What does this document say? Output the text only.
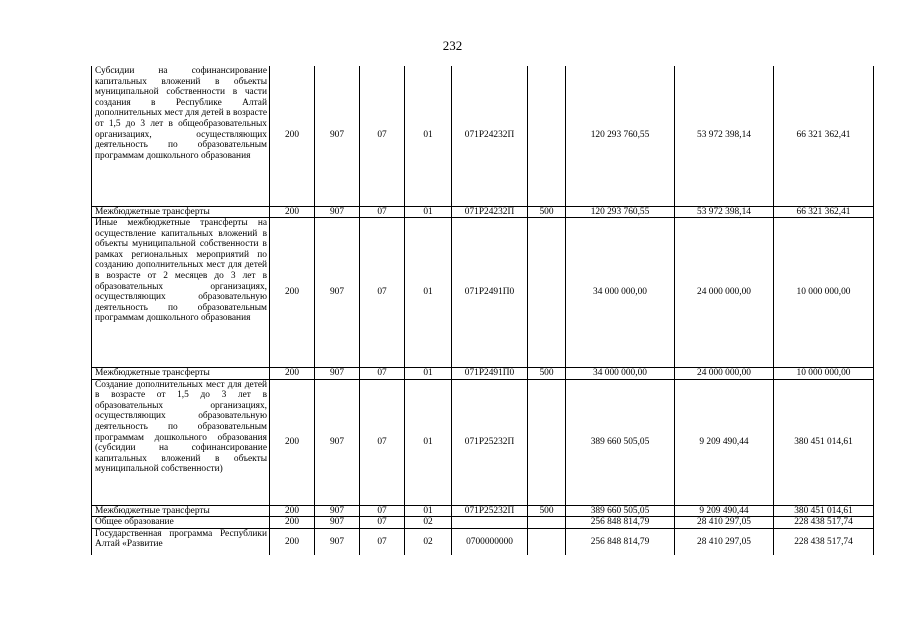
232
Субсидии на софинансирование капитальных вложений в объекты муниципальной собственности в части создания в Республике Алтай дополнительных мест для детей в возрасте от 1,5 до 3 лет в общеобразовательных организациях, осуществляющих деятельность по образовательным программам дошкольного образования	200	907	07	01	071P24232П		120 293 760,55	53 972 398,14	66 321 362,41
Межбюджетные трансферты	200	907	07	01	071P24232П	500	120 293 760,55	53 972 398,14	66 321 362,41
Иные межбюджетные трансферты на осуществление капитальных вложений в объекты муниципальной собственности в рамках региональных мероприятий по созданию дополнительных мест для детей в возрасте от 2 месяцев до 3 лет в образовательных организациях, осуществляющих образовательную деятельность по образовательным программам дошкольного образования	200	907	07	01	071P2491П0		34 000 000,00	24 000 000,00	10 000 000,00
Межбюджетные трансферты	200	907	07	01	071P2491П0	500	34 000 000,00	24 000 000,00	10 000 000,00
Создание дополнительных мест для детей в возрасте от 1,5 до 3 лет в образовательных организациях, осуществляющих образовательную деятельность по образовательным программам дошкольного образования (субсидии на софинансирование капитальных вложений в объекты муниципальной собственности)	200	907	07	01	071P25232П		389 660 505,05	9 209 490,44	380 451 014,61
Межбюджетные трансферты	200	907	07	01	071P25232П	500	389 660 505,05	9 209 490,44	380 451 014,61
Общее образование	200	907	07	02			256 848 814,79	28 410 297,05	228 438 517,74
Государственная программа Республики Алтай «Развитие	200	907	07	02	0700000000		256 848 814,79	28 410 297,05	228 438 517,74
